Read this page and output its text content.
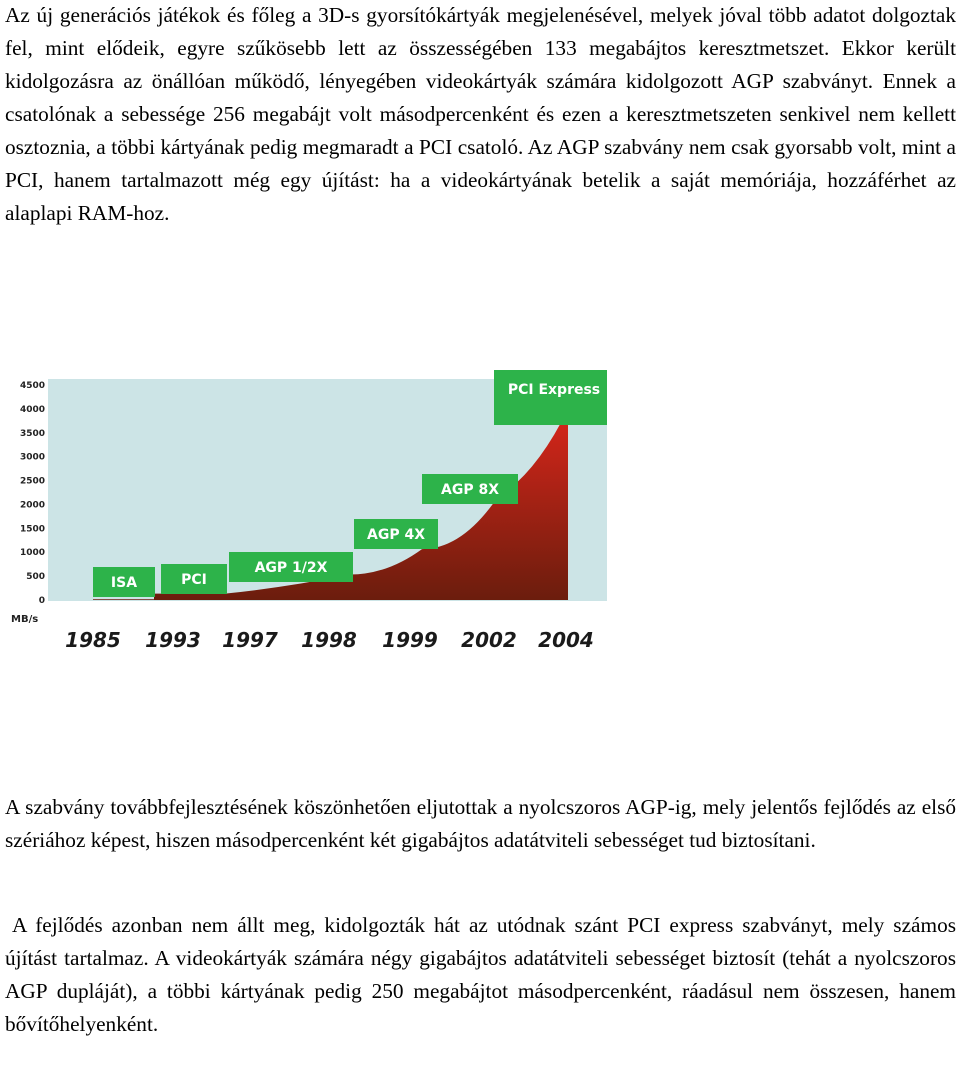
Az új generációs játékok és főleg a 3D-s gyorsítókártyák megjelenésével, melyek jóval több adatot dolgoztak fel, mint elődeik, egyre szűkösebb lett az összességében 133 megabájtos keresztmetszet. Ekkor került kidolgozásra az önállóan működő, lényegében videokártyák számára kidolgozott AGP szabványt. Ennek a csatolónak a sebessége 256 megabájt volt másodpercenként és ezen a keresztmetszeten senkivel nem kellett osztoznia, a többi kártyának pedig megmaradt a PCI csatoló. Az AGP szabvány nem csak gyorsabb volt, mint a PCI, hanem tartalmazott még egy újítást: ha a videokártyának betelik a saját memóriája, hozzáférhet az alaplapi RAM-hoz.

4500
4000
3500
3000
2500
2000
1500
1000
500
0
MB/s
ISA	PCI
AGP 1/2X
AGP 4X
AGP 8X
PCI Express
1985 1993 1997 1998 1999 2002 2004

A szabvány továbbfejlesztésének köszönhetően eljutottak a nyolcszoros AGP-ig, mely jelentős fejlődés az első szériához képest, hiszen másodpercenként két gigabájtos adatátviteli sebességet tud biztosítani.

A fejlődés azonban nem állt meg, kidolgozták hát az utódnak szánt PCI express szabványt, mely számos újítást tartalmaz. A videokártyák számára négy gigabájtos adatátviteli sebességet biztosít (tehát a nyolcszoros AGP dupláját), a többi kártyának pedig 250 megabájtot másodpercenként, ráadásul nem összesen, hanem bővítőhelyenként.
